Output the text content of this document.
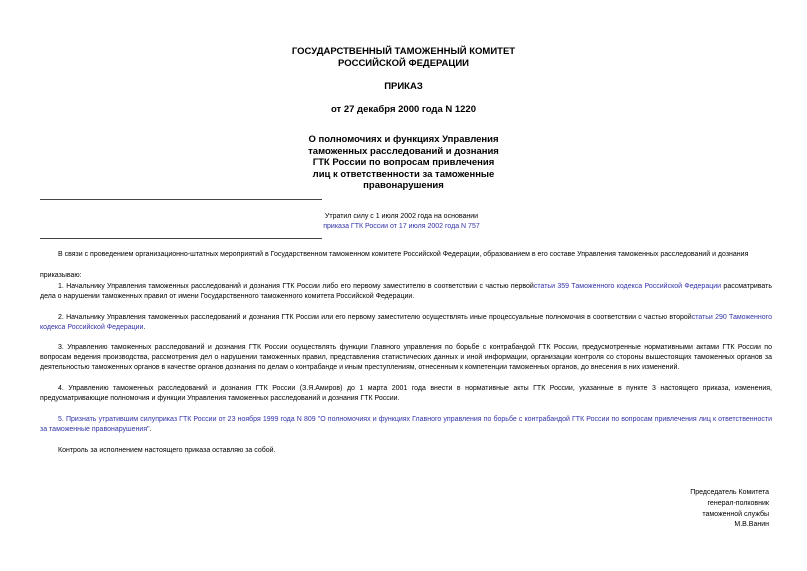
ГОСУДАРСТВЕННЫЙ ТАМОЖЕННЫЙ КОМИТЕТ
РОССИЙСКОЙ ФЕДЕРАЦИИ
ПРИКАЗ
от 27 декабря 2000 года N 1220
О полномочиях и функциях Управления
таможенных расследований и дознания
ГТК России по вопросам привлечения
лиц к ответственности за таможенные
правонарушения
Утратил силу с 1 июля 2002 года на основании
приказа ГТК России от 17 июля 2002 года N 757
В связи с проведением организационно-штатных мероприятий в Государственном таможенном комитете Российской Федерации, образованием в его составе Управления таможенных расследований и дознания
приказываю:
1. Начальнику Управления таможенных расследований и дознания ГТК России либо его первому заместителю в соответствии с частью первойстатьи 359 Таможенного кодекса Российской Федерации рассматривать дела о нарушении таможенных правил от имени Государственного таможенного комитета Российской Федерации.
2. Начальнику Управления таможенных расследований и дознания ГТК России или его первому заместителю осуществлять иные процессуальные полномочия в соответствии с частью второйстатьи 290 Таможенного кодекса Российской Федерации.
3. Управлению таможенных расследований и дознания ГТК России осуществлять функции Главного управления по борьбе с контрабандой ГТК России, предусмотренные нормативными актами ГТК России по вопросам ведения производства, рассмотрения дел о нарушении таможенных правил, представления статистических данных и иной информации, организации контроля со стороны вышестоящих таможенных органов за деятельностью таможенных органов в качестве органов дознания по делам о контрабанде и иным преступлениям, отнесенным к компетенции таможенных органов, до внесения в них изменений.
4. Управлению таможенных расследований и дознания ГТК России (З.Я.Амиров) до 1 марта 2001 года внести в нормативные акты ГТК России, указанные в пункте 3 настоящего приказа, изменения, предусматривающие полномочия и функции Управления таможенных расследований и дознания ГТК России.
5. Признать утратившим силуприказ ГТК России от 23 ноября 1999 года N 809 "О полномочиях и функциях Главного управления по борьбе с контрабандой ГТК России по вопросам привлечения лиц к ответственности за таможенные правонарушения".
Контроль за исполнением настоящего приказа оставляю за собой.
Председатель Комитета
генерал-полковник
таможенной службы
М.В.Ванин
